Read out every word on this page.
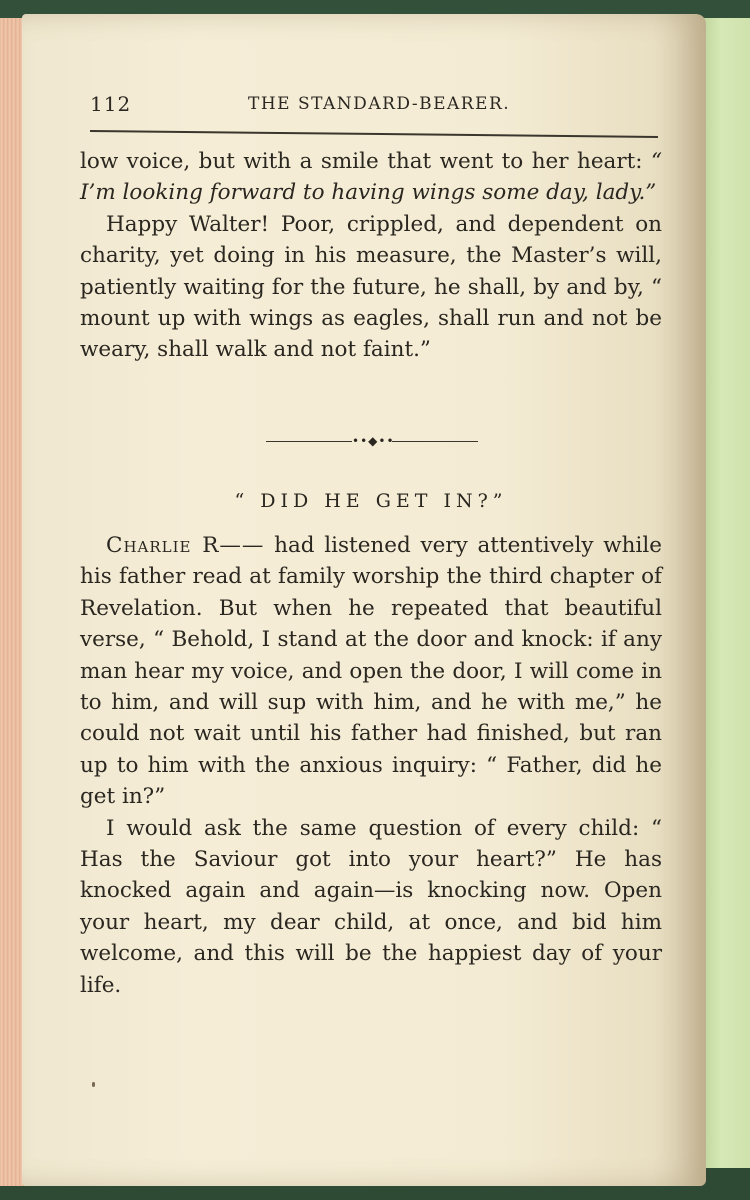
112	THE STANDARD-BEARER.

low voice, but with a smile that went to her heart: “ I’m looking forward to having wings some day, lady.”

Happy Walter! Poor, crippled, and dependent on charity, yet doing in his measure, the Master’s will, patiently waiting for the future, he shall, by and by, “ mount up with wings as eagles, shall run and not be weary, shall walk and not faint.”

••◆••
“ DID HE GET IN?”

Charlie R—— had listened very attentively while his father read at family worship the third chapter of Revelation. But when he repeated that beautiful verse, “ Behold, I stand at the door and knock: if any man hear my voice, and open the door, I will come in to him, and will sup with him, and he with me,” he could not wait until his father had finished, but ran up to him with the anxious inquiry: “ Father, did he get in?”

I would ask the same question of every child: “ Has the Saviour got into your heart?” He has knocked again and again—is knocking now. Open your heart, my dear child, at once, and bid him welcome, and this will be the happiest day of your life.
